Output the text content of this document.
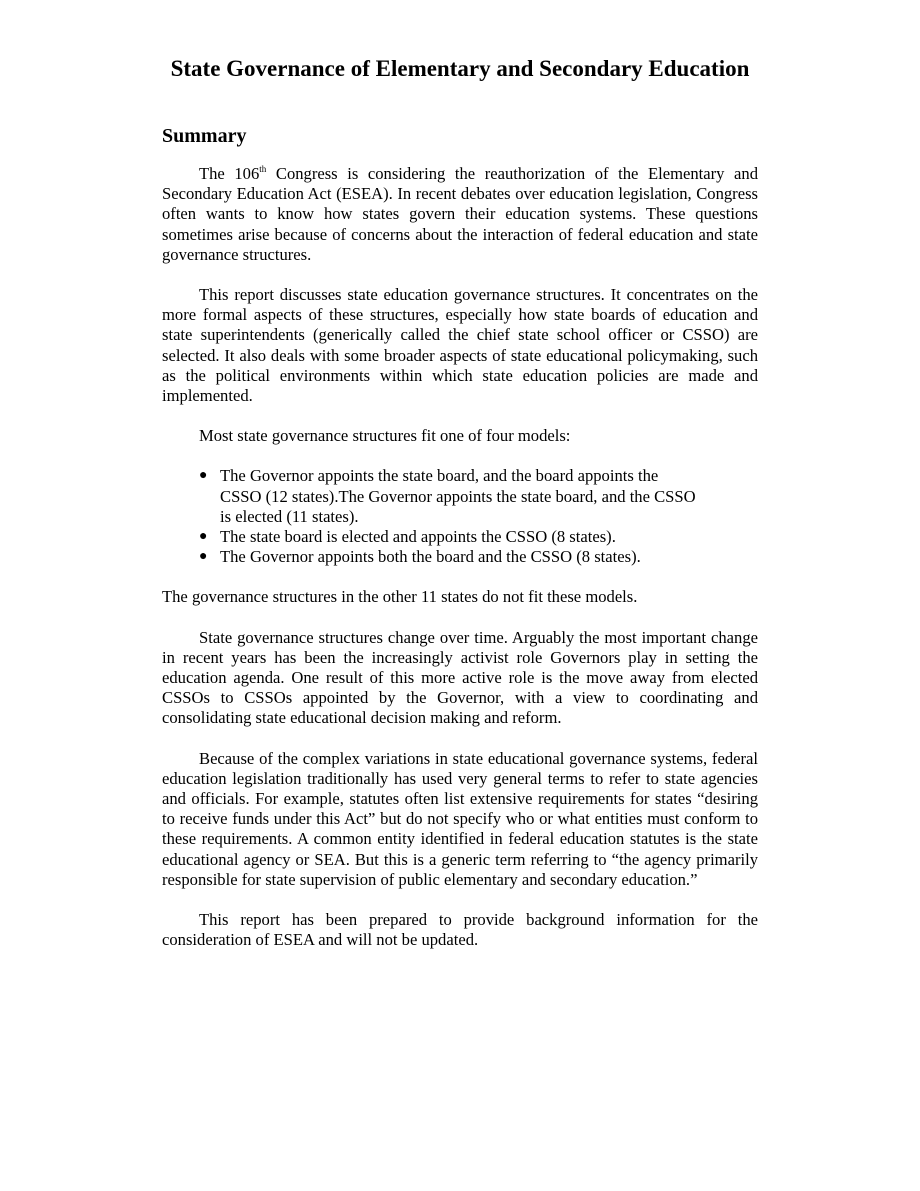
State Governance of Elementary and Secondary Education
Summary

The 106th Congress is considering the reauthorization of the Elementary and Secondary Education Act (ESEA). In recent debates over education legislation, Congress often wants to know how states govern their education systems. These questions sometimes arise because of concerns about the interaction of federal education and state governance structures.

This report discusses state education governance structures. It concentrates on the more formal aspects of these structures, especially how state boards of education and state superintendents (generically called the chief state school officer or CSSO) are selected. It also deals with some broader aspects of state educational policymaking, such as the political environments within which state education policies are made and implemented.

Most state governance structures fit one of four models:

● The Governor appoints the state board, and the board appoints the CSSO (12 states).The Governor appoints the state board, and the CSSO is elected (11 states).
● The state board is elected and appoints the CSSO (8 states).
● The Governor appoints both the board and the CSSO (8 states).

The governance structures in the other 11 states do not fit these models.

State governance structures change over time. Arguably the most important change in recent years has been the increasingly activist role Governors play in setting the education agenda. One result of this more active role is the move away from elected CSSOs to CSSOs appointed by the Governor, with a view to coordinating and consolidating state educational decision making and reform.

Because of the complex variations in state educational governance systems, federal education legislation traditionally has used very general terms to refer to state agencies and officials. For example, statutes often list extensive requirements for states “desiring to receive funds under this Act” but do not specify who or what entities must conform to these requirements. A common entity identified in federal education statutes is the state educational agency or SEA. But this is a generic term referring to “the agency primarily responsible for state supervision of public elementary and secondary education.”

This report has been prepared to provide background information for the consideration of ESEA and will not be updated.
